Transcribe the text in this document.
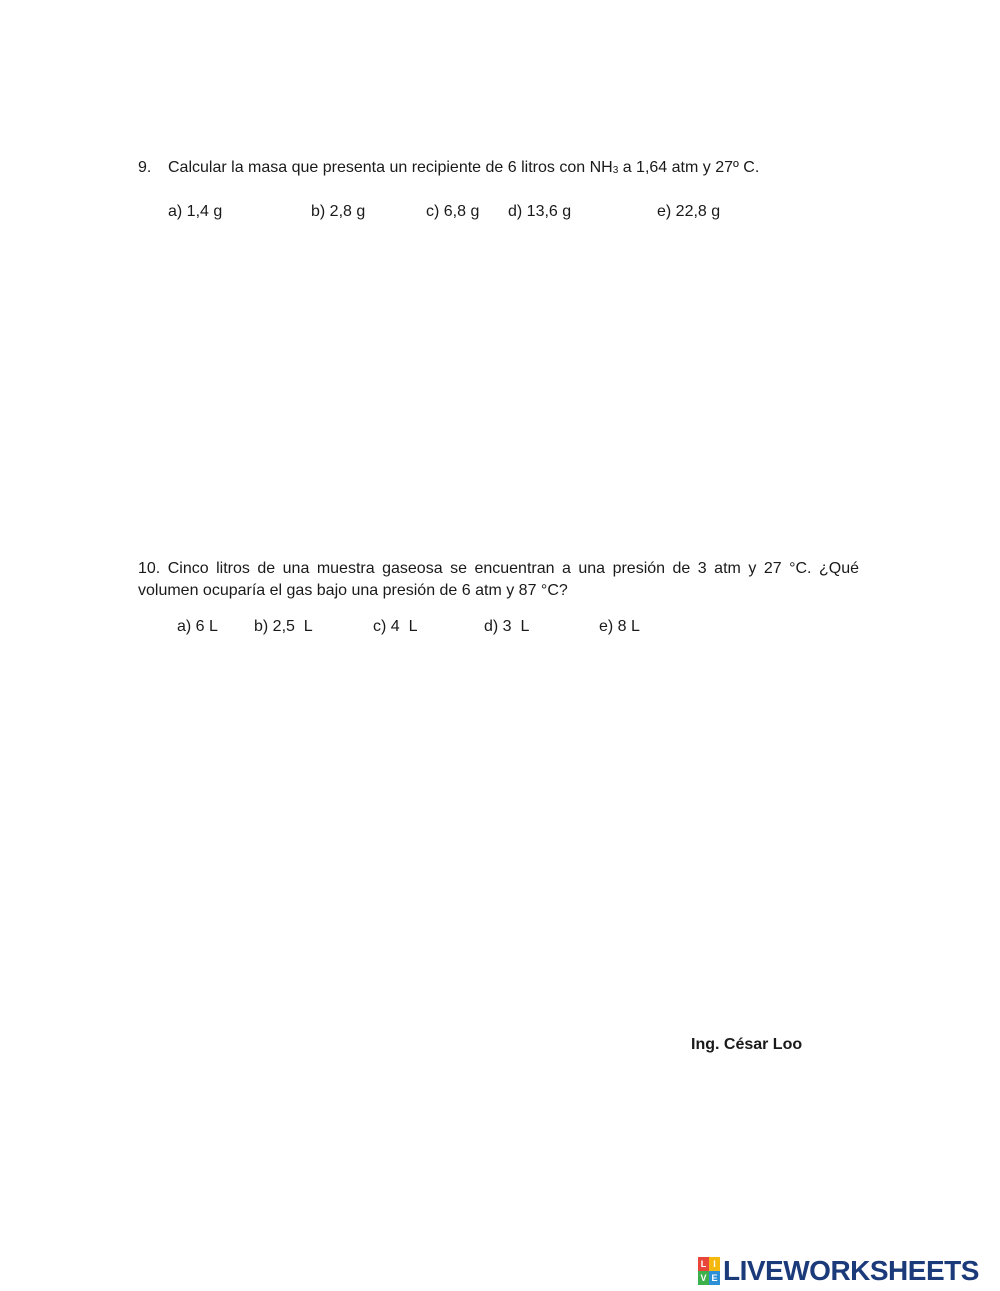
9. Calcular la masa que presenta un recipiente de 6 litros con NH3 a 1,64 atm y 27º C.
a) 1,4 g	b) 2,8 g	c) 6,8 g d) 13,6 g	e) 22,8 g
10. Cinco litros de una muestra gaseosa se encuentran a una presión de 3 atm y 27 °C. ¿Qué volumen ocuparía el gas bajo una presión de 6 atm y 87 °C?
a) 6 L b) 2,5  L	c) 4  L	d) 3  L	e) 8 L
Ing. César Loo
L I
V E LIVEWORKSHEETS
